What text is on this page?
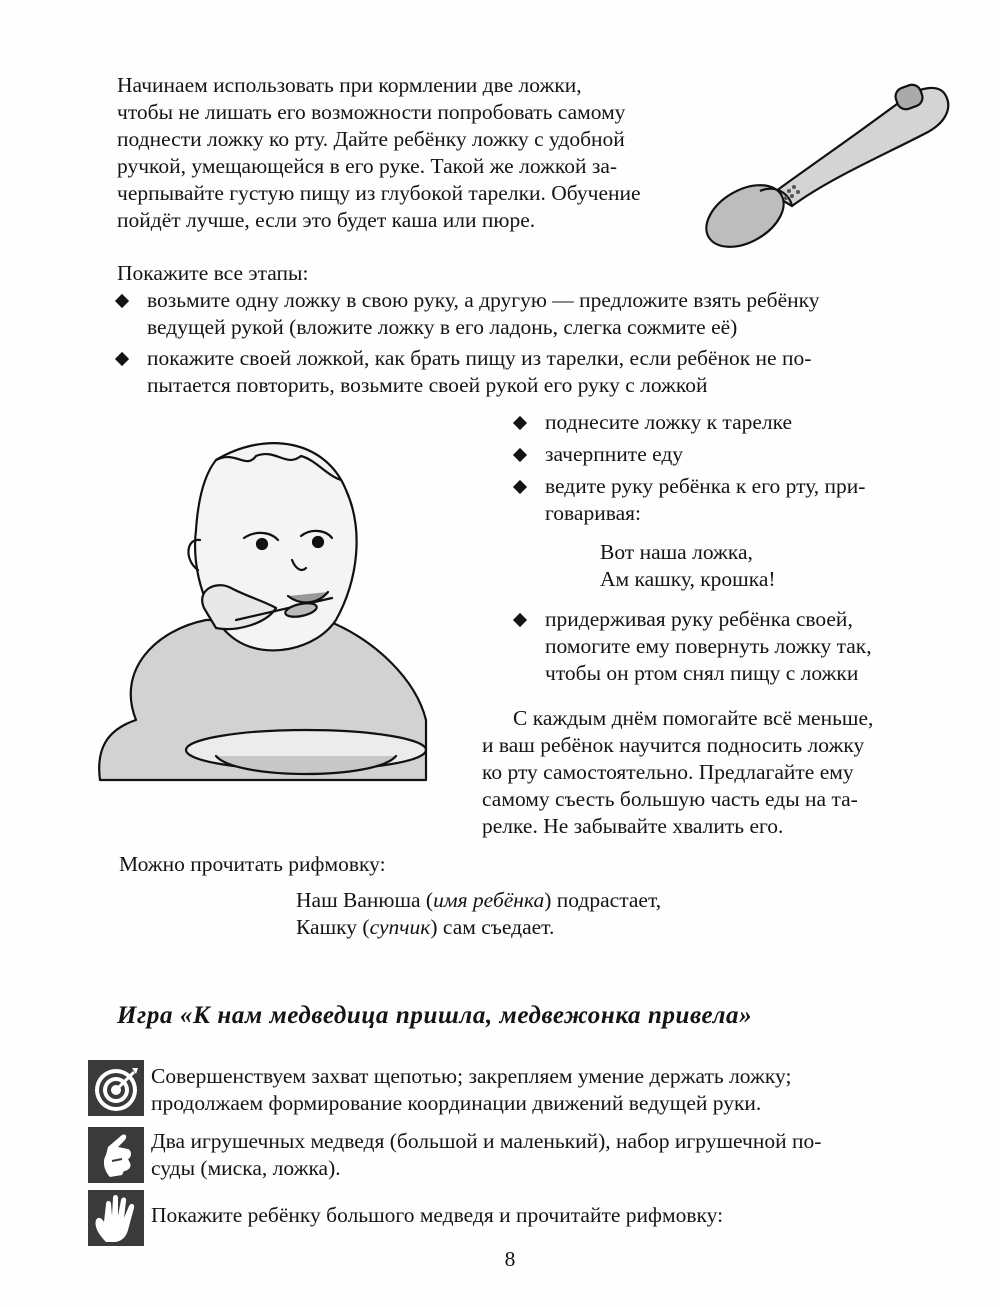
Начинаем использовать при кормлении две ложки,
чтобы не лишать его возможности попробовать самому
поднести ложку ко рту. Дайте ребёнку ложку с удобной
ручкой, умещающейся в его руке. Такой же ложкой за-
черпывайте густую пищу из глубокой тарелки. Обучение
пойдёт лучше, если это будет каша или пюре.
Покажите все этапы:
возьмите одну ложку в свою руку, а другую — предложите взять ребёнку
ведущей рукой (вложите ложку в его ладонь, слегка сожмите её)
покажите своей ложкой, как брать пищу из тарелки, если ребёнок не по-
пытается повторить, возьмите своей рукой его руку с ложкой
поднесите ложку к тарелке
зачерпните еду
ведите руку ребёнка к его рту, при-
говаривая:
Вот наша ложка,
Ам кашку, крошка!
придерживая руку ребёнка своей,
помогите ему повернуть ложку так,
чтобы он ртом снял пищу с ложки
С каждым днём помогайте всё меньше,
и ваш ребёнок научится подносить ложку
ко рту самостоятельно. Предлагайте ему
самому съесть большую часть еды на та-
релке. Не забывайте хвалить его.
Можно прочитать рифмовку:
Наш Ванюша (имя ребёнка) подрастает,
Кашку (супчик) сам съедает.
Игра «К нам медведица пришла, медвежонка привела»
Совершенствуем захват щепотью; закрепляем умение держать ложку;
продолжаем формирование координации движений ведущей руки.
Два игрушечных медведя (большой и маленький), набор игрушечной по-
суды (миска, ложка).
Покажите ребёнку большого медведя и прочитайте рифмовку:
8
